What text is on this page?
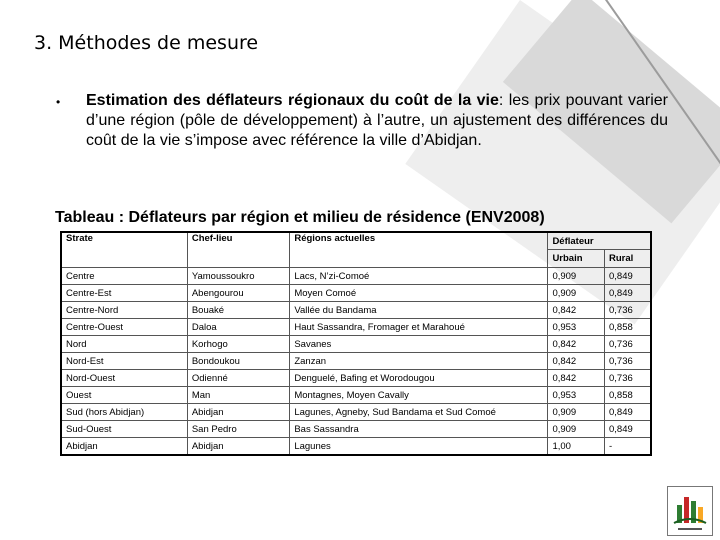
3. Méthodes de mesure
• Estimation des déflateurs régionaux du coût de la vie: les prix pouvant varier d’une région (pôle de développement) à l’autre, un ajustement des différences du coût de la vie s’impose avec référence la ville d’Abidjan.
Tableau : Déflateurs par région et milieu de résidence (ENV2008)
Strate	Chef-lieu	Régions actuelles	Déflateur	
			Urbain	Rural
Centre	Yamoussoukro	Lacs, N’zi-Comoé	0,909	0,849
Centre-Est	Abengourou	Moyen Comoé	0,909	0,849
Centre-Nord	Bouaké	Vallée du Bandama	0,842	0,736
Centre-Ouest	Daloa	Haut Sassandra, Fromager et Marahoué	0,953	0,858
Nord	Korhogo	Savanes	0,842	0,736
Nord-Est	Bondoukou	Zanzan	0,842	0,736
Nord-Ouest	Odienné	Denguelé, Bafing et Worodougou	0,842	0,736
Ouest	Man	Montagnes, Moyen Cavally	0,953	0,858
Sud (hors Abidjan)	Abidjan	Lagunes, Agneby, Sud Bandama et Sud Comoé	0,909	0,849
Sud-Ouest	San Pedro	Bas Sassandra	0,909	0,849
Abidjan	Abidjan	Lagunes	1,00	-
